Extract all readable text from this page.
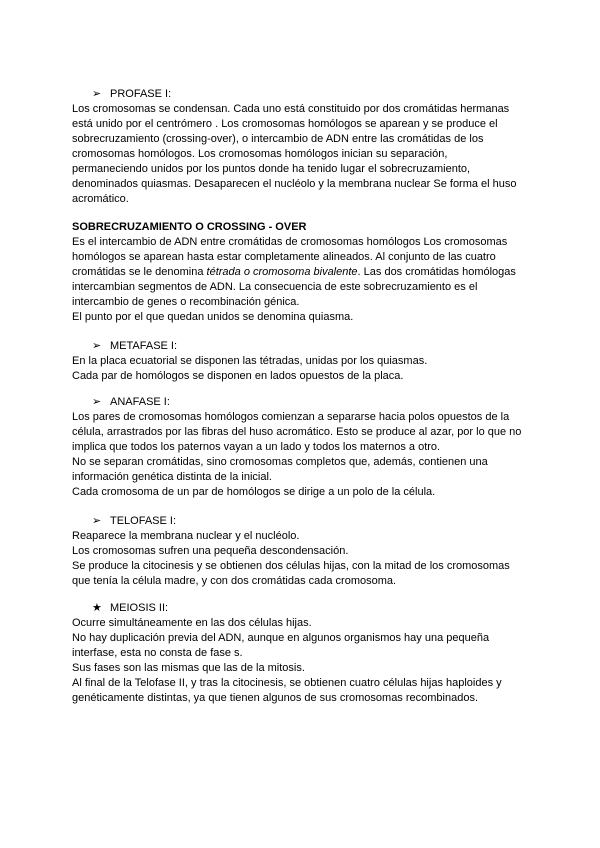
➢ PROFASE I:

Los cromosomas se condensan. Cada uno está constituido por dos cromátidas hermanas

está unido por el centrómero . Los cromosomas homólogos se aparean y se produce el

sobrecruzamiento (crossing-over), o intercambio de ADN entre las cromátidas de los

cromosomas homólogos. Los cromosomas homólogos inician su separación,

permaneciendo unidos por los puntos donde ha tenido lugar el sobrecruzamiento,

denominados quiasmas. Desaparecen el nucléolo y la membrana nuclear Se forma el huso

acromático.

SOBRECRUZAMIENTO O CROSSING - OVER

Es el intercambio de ADN entre cromátidas de cromosomas homólogos Los cromosomas

homólogos se aparean hasta estar completamente alineados. Al conjunto de las cuatro

cromátidas se le denomina tétrada o cromosoma bivalente. Las dos cromátidas homólogas

intercambian segmentos de ADN. La consecuencia de este sobrecruzamiento es el

intercambio de genes o recombinación génica.

El punto por el que quedan unidos se denomina quiasma.

➢ METAFASE I:

En la placa ecuatorial se disponen las tétradas, unidas por los quiasmas.

Cada par de homólogos se disponen en lados opuestos de la placa.

➢ ANAFASE I:

Los pares de cromosomas homólogos comienzan a separarse hacia polos opuestos de la

célula, arrastrados por las fibras del huso acromático. Esto se produce al azar, por lo que no

implica que todos los paternos vayan a un lado y todos los maternos a otro.

No se separan cromátidas, sino cromosomas completos que, además, contienen una

información genética distinta de la inicial.

Cada cromosoma de un par de homólogos se dirige a un polo de la célula.

➢ TELOFASE I:

Reaparece la membrana nuclear y el nucléolo.

Los cromosomas sufren una pequeña descondensación.

Se produce la citocinesis y se obtienen dos células hijas, con la mitad de los cromosomas

que tenía la célula madre, y con dos cromátidas cada cromosoma.

★ MEIOSIS II:

Ocurre simultáneamente en las dos células hijas.

No hay duplicación previa del ADN, aunque en algunos organismos hay una pequeña

interfase, esta no consta de fase s.

Sus fases son las mismas que las de la mitosis.

Al final de la Telofase II, y tras la citocinesis, se obtienen cuatro células hijas haploides y

genéticamente distintas, ya que tienen algunos de sus cromosomas recombinados.
